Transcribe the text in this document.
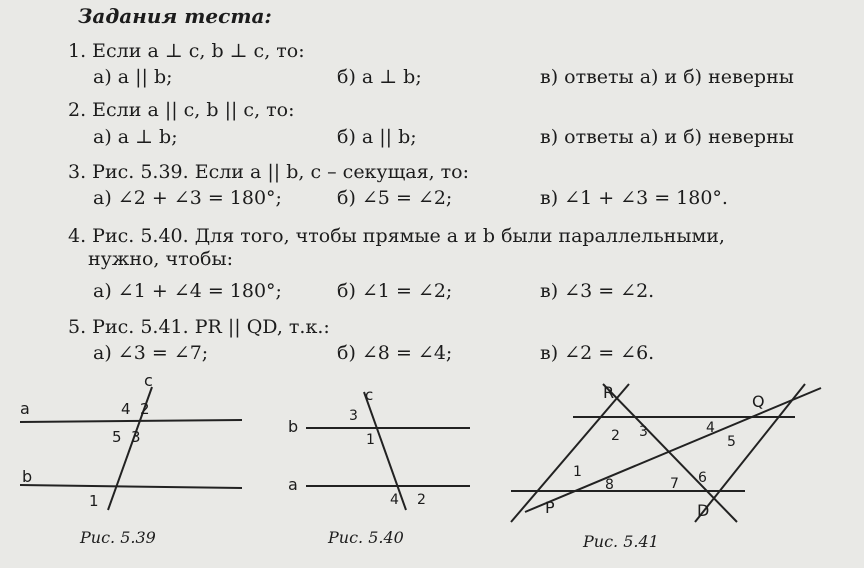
Задания теста:
1. Если a ⊥ c, b ⊥ c, то:
а) a || b;	б) a ⊥ b;	в) ответы а) и б) неверны
2. Если a || c, b || c, то:
а) a ⊥ b;	б) a || b;	в) ответы а) и б) неверны
3. Рис. 5.39. Если a || b, c – секущая, то:
а) ∠2 + ∠3 = 180°;	б) ∠5 = ∠2;	в) ∠1 + ∠3 = 180°.
4. Рис. 5.40. Для того, чтобы прямые a и b были параллельными,
нужно, чтобы:
а) ∠1 + ∠4 = 180°;	б) ∠1 = ∠2;	в) ∠3 = ∠2.
5. Рис. 5.41. PR || QD, т.к.:
а) ∠3 = ∠7;	б) ∠8 = ∠4;	в) ∠2 = ∠6.
a
b
c
4 2
5 3
1
Рис. 5.39
b
a
c
3
1
4 2
Рис. 5.40
R	Q
P	D
1
2 3	4
5
6
7
8
Рис. 5.41
